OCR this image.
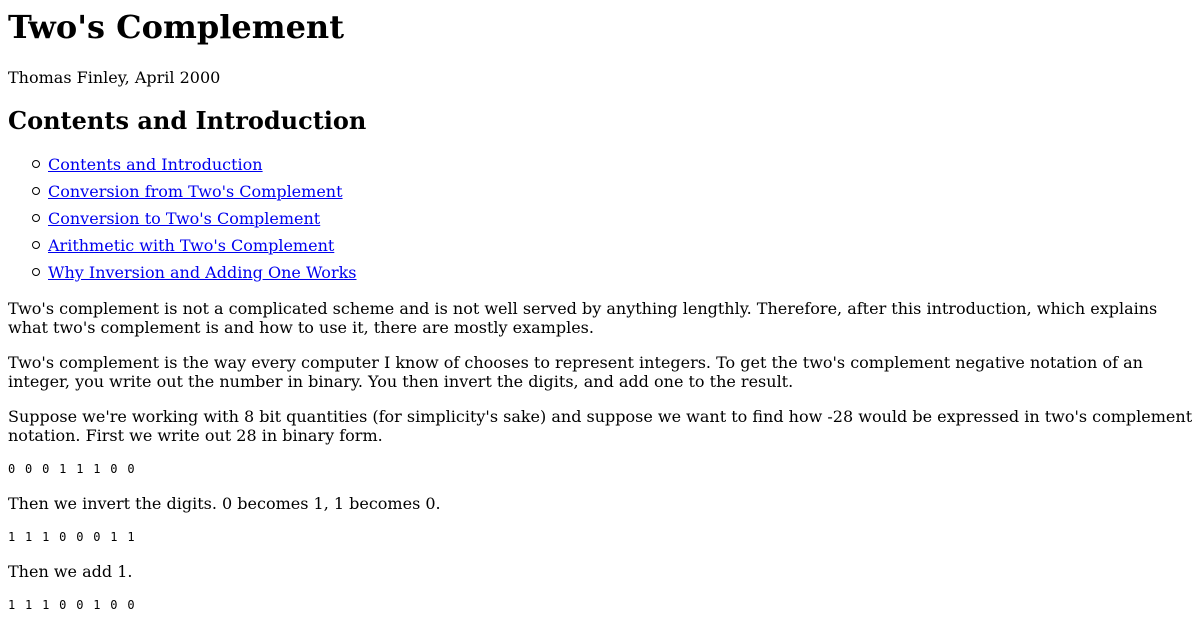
Two's Complement

Thomas Finley, April 2000

Contents and Introduction
Contents and Introduction
Conversion from Two's Complement
Conversion to Two's Complement
Arithmetic with Two's Complement
Why Inversion and Adding One Works

Two's complement is not a complicated scheme and is not well served by anything lengthly. Therefore, after this introduction, which explains what two's complement is and how to use it, there are mostly examples.

Two's complement is the way every computer I know of chooses to represent integers. To get the two's complement negative notation of an integer, you write out the number in binary. You then invert the digits, and add one to the result.

Suppose we're working with 8 bit quantities (for simplicity's sake) and suppose we want to find how -28 would be expressed in two's complement notation. First we write out 28 in binary form.

0 0 0 1 1 1 0 0

Then we invert the digits. 0 becomes 1, 1 becomes 0.

1 1 1 0 0 0 1 1

Then we add 1.

1 1 1 0 0 1 0 0
